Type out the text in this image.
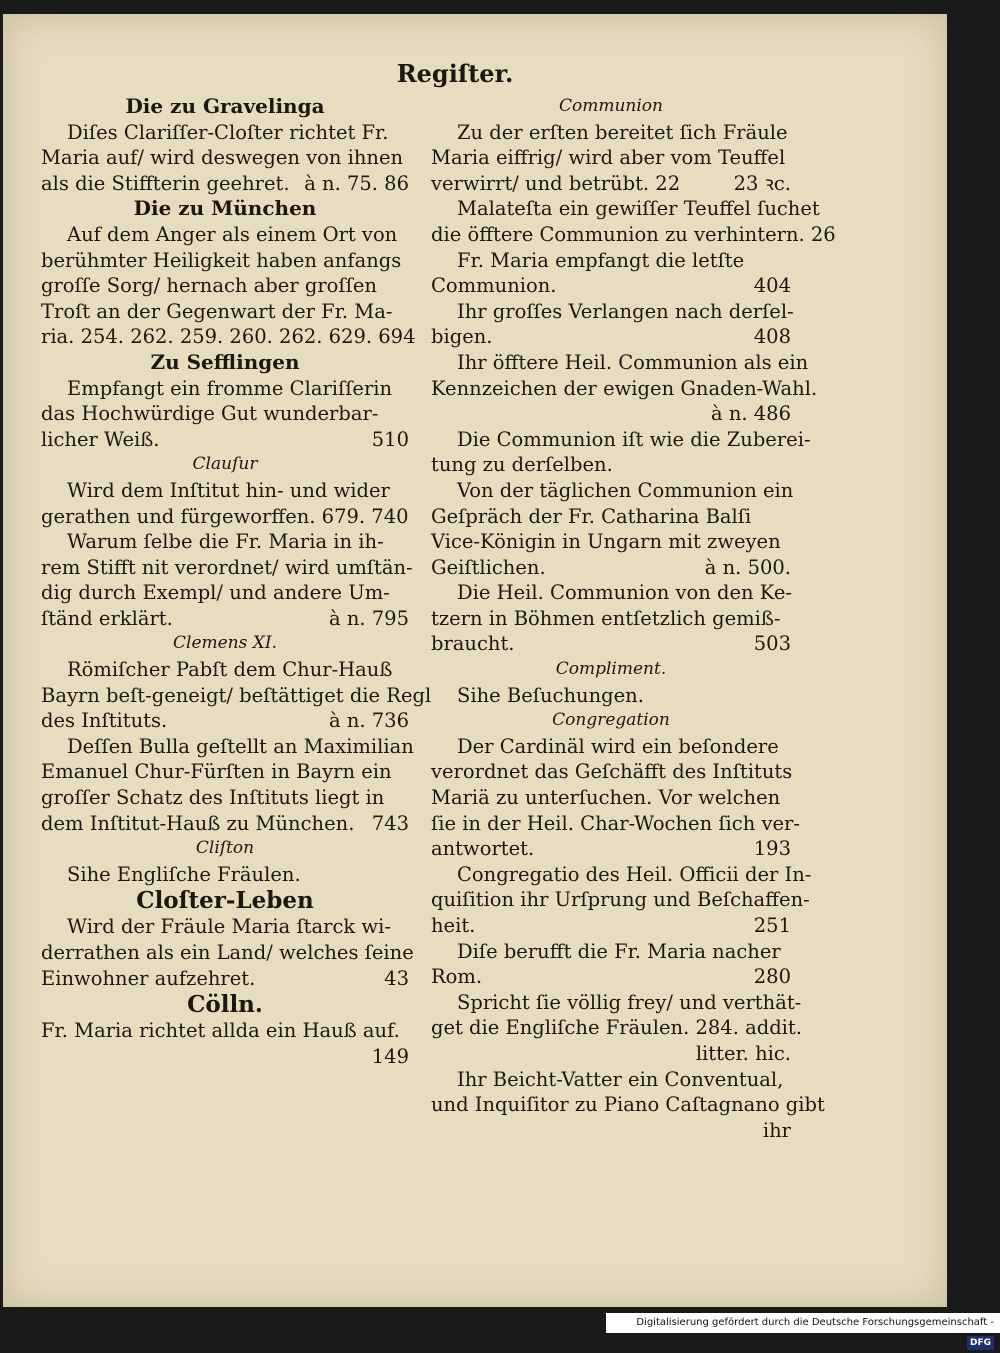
Regiſter.
Die zu Gravelinga
Diſes Clariſſer-Cloſter richtet Fr.
Maria auf/ wird deswegen von ihnen
als die Stiffterin geehret. à n. 75. 86
Die zu München
Auf dem Anger als einem Ort von
berühmter Heiligkeit haben anfangs
groſſe Sorg/ hernach aber groſſen
Troſt an der Gegenwart der Fr. Ma-
ria. 254. 262. 259. 260. 262. 629. 694
Zu Sefflingen
Empfangt ein fromme Clariſſerin
das Hochwürdige Gut wunderbar-
licher Weiß.	510
Clauſur
Wird dem Inſtitut hin- und wider
gerathen und fürgeworffen. 679. 740
Warum ſelbe die Fr. Maria in ih-
rem Stifft nit verordnet/ wird umſtän-
dig durch Exempl/ und andere Um-
ſtänd erklärt.	à n. 795
Clemens XI.
Römiſcher Pabſt dem Chur-Hauß
Bayrn beſt-geneigt/ beſtättiget die Regl
des Inſtituts.	à n. 736
Deſſen Bulla geſtellt an Maximilian
Emanuel Chur-Fürſten in Bayrn ein
groſſer Schatz des Inſtituts liegt in
dem Inſtitut-Hauß zu München. 743
Cliſton
Sihe Engliſche Fräulen.
Cloſter-Leben
Wird der Fräule Maria ſtarck wi-
derrathen als ein Land/ welches ſeine
Einwohner aufzehret.	43
Cölln.
Fr. Maria richtet allda ein Hauß auf.
149
Communion
Zu der erſten bereitet ſich Fräule
Maria eiffrig/ wird aber vom Teuffel
verwirrt/ und betrübt. 22	23 ꝛc.
Malateſta ein gewiſſer Teuffel ſuchet
die öfftere Communion zu verhintern. 26
Fr. Maria empfangt die letſte
Communion.	404
Ihr groſſes Verlangen nach derſel-
bigen.	408
Ihr öfftere Heil. Communion als ein
Kennzeichen der ewigen Gnaden-Wahl.
à n. 486
Die Communion iſt wie die Zuberei-
tung zu derſelben.
Von der täglichen Communion ein
Geſpräch der Fr. Catharina Balſi
Vice-Königin in Ungarn mit zweyen
Geiſtlichen.	à n. 500.
Die Heil. Communion von den Ke-
tzern in Böhmen entſetzlich gemiß-
braucht.	503
Compliment.
Sihe Beſuchungen.
Congregation
Der Cardinäl wird ein beſondere
verordnet das Geſchäfft des Inſtituts
Mariä zu unterſuchen. Vor welchen
ſie in der Heil. Char-Wochen ſich ver-
antwortet.	193
Congregatio des Heil. Officii der In-
quiſition ihr Urſprung und Beſchaffen-
heit.	251
Diſe berufft die Fr. Maria nacher
Rom.	280
Spricht ſie völlig frey/ und verthät-
get die Engliſche Fräulen. 284. addit.
litter. hic.
Ihr Beicht-Vatter ein Conventual,
und Inquiſitor zu Piano Caſtagnano gibt
ihr
Digitalisierung gefördert durch die Deutsche Forschungsgemeinschaft -DFG
